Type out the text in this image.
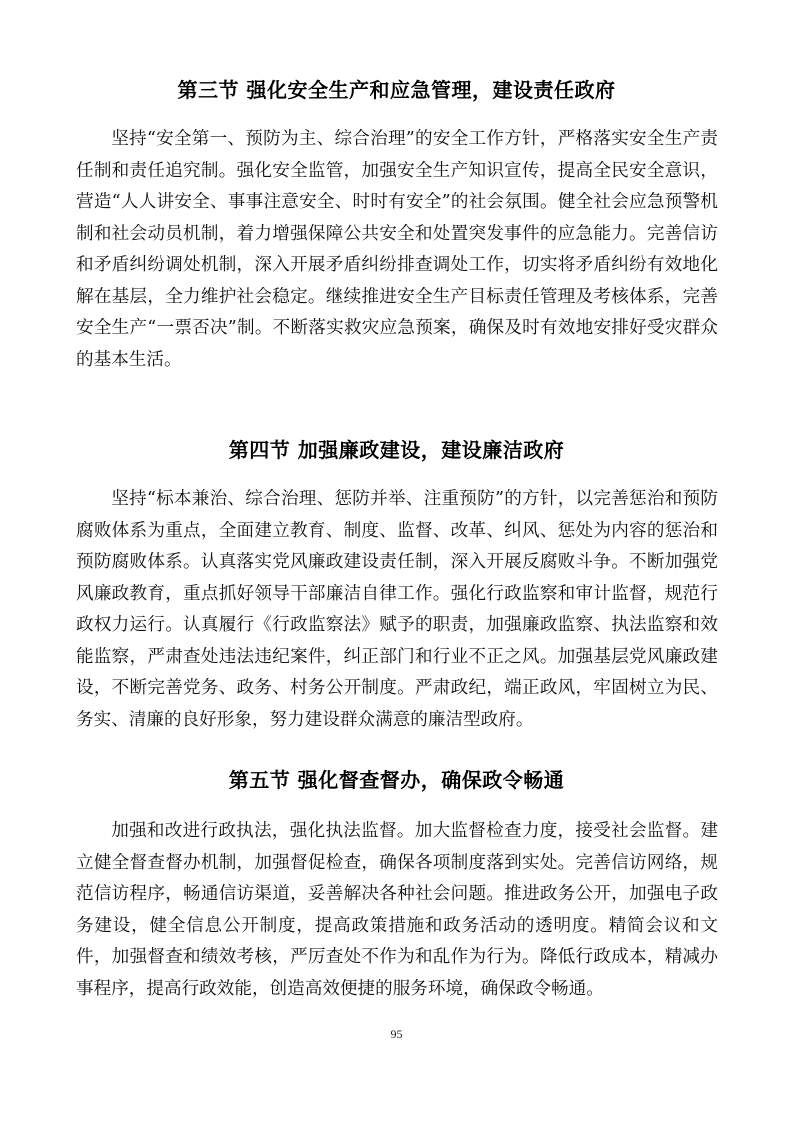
第三节 强化安全生产和应急管理，建设责任政府

坚持“安全第一、预防为主、综合治理”的安全工作方针，严格落实安全生产责任制和责任追究制。强化安全监管，加强安全生产知识宣传，提高全民安全意识，营造“人人讲安全、事事注意安全、时时有安全”的社会氛围。健全社会应急预警机制和社会动员机制，着力增强保障公共安全和处置突发事件的应急能力。完善信访和矛盾纠纷调处机制，深入开展矛盾纠纷排查调处工作，切实将矛盾纠纷有效地化解在基层，全力维护社会稳定。继续推进安全生产目标责任管理及考核体系，完善安全生产“一票否决”制。不断落实救灾应急预案，确保及时有效地安排好受灾群众的基本生活。

第四节 加强廉政建设，建设廉洁政府

坚持“标本兼治、综合治理、惩防并举、注重预防”的方针，以完善惩治和预防腐败体系为重点，全面建立教育、制度、监督、改革、纠风、惩处为内容的惩治和预防腐败体系。认真落实党风廉政建设责任制，深入开展反腐败斗争。不断加强党风廉政教育，重点抓好领导干部廉洁自律工作。强化行政监察和审计监督，规范行政权力运行。认真履行《行政监察法》赋予的职责，加强廉政监察、执法监察和效能监察，严肃查处违法违纪案件，纠正部门和行业不正之风。加强基层党风廉政建设，不断完善党务、政务、村务公开制度。严肃政纪，端正政风，牢固树立为民、务实、清廉的良好形象，努力建设群众满意的廉洁型政府。

第五节 强化督查督办，确保政令畅通

加强和改进行政执法，强化执法监督。加大监督检查力度，接受社会监督。建立健全督查督办机制，加强督促检查，确保各项制度落到实处。完善信访网络，规范信访程序，畅通信访渠道，妥善解决各种社会问题。推进政务公开，加强电子政务建设，健全信息公开制度，提高政策措施和政务活动的透明度。精简会议和文件，加强督查和绩效考核，严厉查处不作为和乱作为行为。降低行政成本，精减办事程序，提高行政效能，创造高效便捷的服务环境，确保政令畅通。

95
